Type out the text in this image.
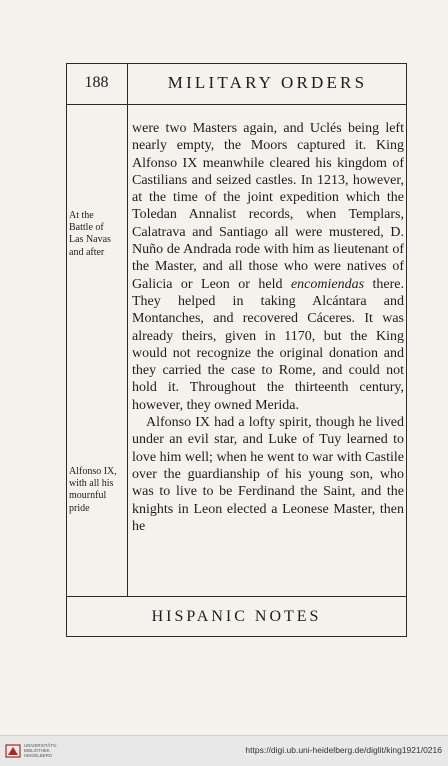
188	MILITARY ORDERS

At the
Battle of
Las Navas
and after
Alfonso IX,
with all his
mournful
pride

were two Masters again, and Uclés being left nearly empty, the Moors captured it. King Alfonso IX meanwhile cleared his kingdom of Castilians and seized castles. In 1213, however, at the time of the joint expedition which the Toledan Annalist records, when Templars, Calatrava and Santiago all were mustered, D. Nuño de Andrada rode with him as lieutenant of the Master, and all those who were natives of Galicia or Leon or held encomiendas there. They helped in taking Alcántara and Montanches, and recovered Cáceres. It was already theirs, given in 1170, but the King would not recognize the original donation and they carried the case to Rome, and could not hold it. Throughout the thirteenth century, however, they owned Merida.

Alfonso IX had a lofty spirit, though he lived under an evil star, and Luke of Tuy learned to love him well; when he went to war with Castile over the guardianship of his young son, who was to live to be Ferdinand the Saint, and the knights in Leon elected a Leonese Master, then he

HISPANIC NOTES

UNIVERSITÄTS-
BIBLIOTHEK
HEIDELBERG

https://digi.ub.uni-heidelberg.de/diglit/king1921/0216
